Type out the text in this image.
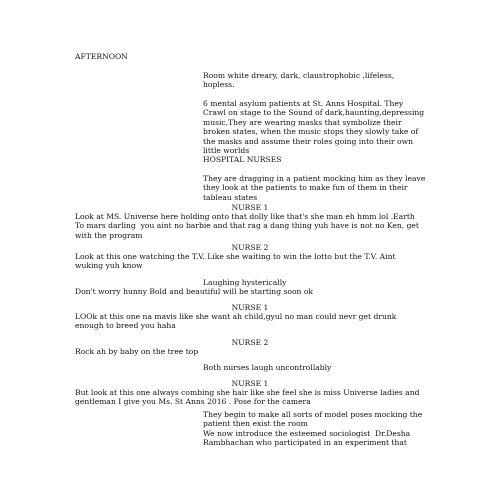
AFTERNOON

Room white dreary, dark, claustrophobic ,lifeless,
hopless.

6 mental asylum patients at St. Anns Hospital. They
Crawl on stage to the Sound of dark,haunting,depressing
music,They are wearing masks that symbolize their
broken states, when the music stops they slowly take of
the masks and assume their roles going into their own
little worlds

HOSPITAL NURSES

They are dragging in a patient mocking him as they leave
they look at the patients to make fun of them in their
tableau states

NURSE 1

Look at MS. Universe here holding onto that dolly like that's she man eh hmm lol .Earth
To mars darling  you aint no barbie and that rag a dang thing yuh have is not no Ken, get
with the program

NURSE 2

Look at this one watching the T.V. Like she waiting to win the lotto but the T.V. Aint
wuking yuh know

Laughing hysterically

Don't worry hunny Bold and beautiful will be starting soon ok

NURSE 1

LOOk at this one na mavis like she want ah child,gyul no man could nevr get drunk
enough to breed you haha

NURSE 2

Rock ah by baby on the tree top

Both nurses laugh uncontrollably

NURSE 1

But look at this one always combing she hair like she feel she is miss Universe ladies and
gentleman I give you Ms. St Anns 2016 . Pose for the camera

They begin to make all sorts of model poses mocking the
patient then exist the room
We now introduce the esteemed sociologist  Dr.Desha
Rambhachan who participated in an experiment that
